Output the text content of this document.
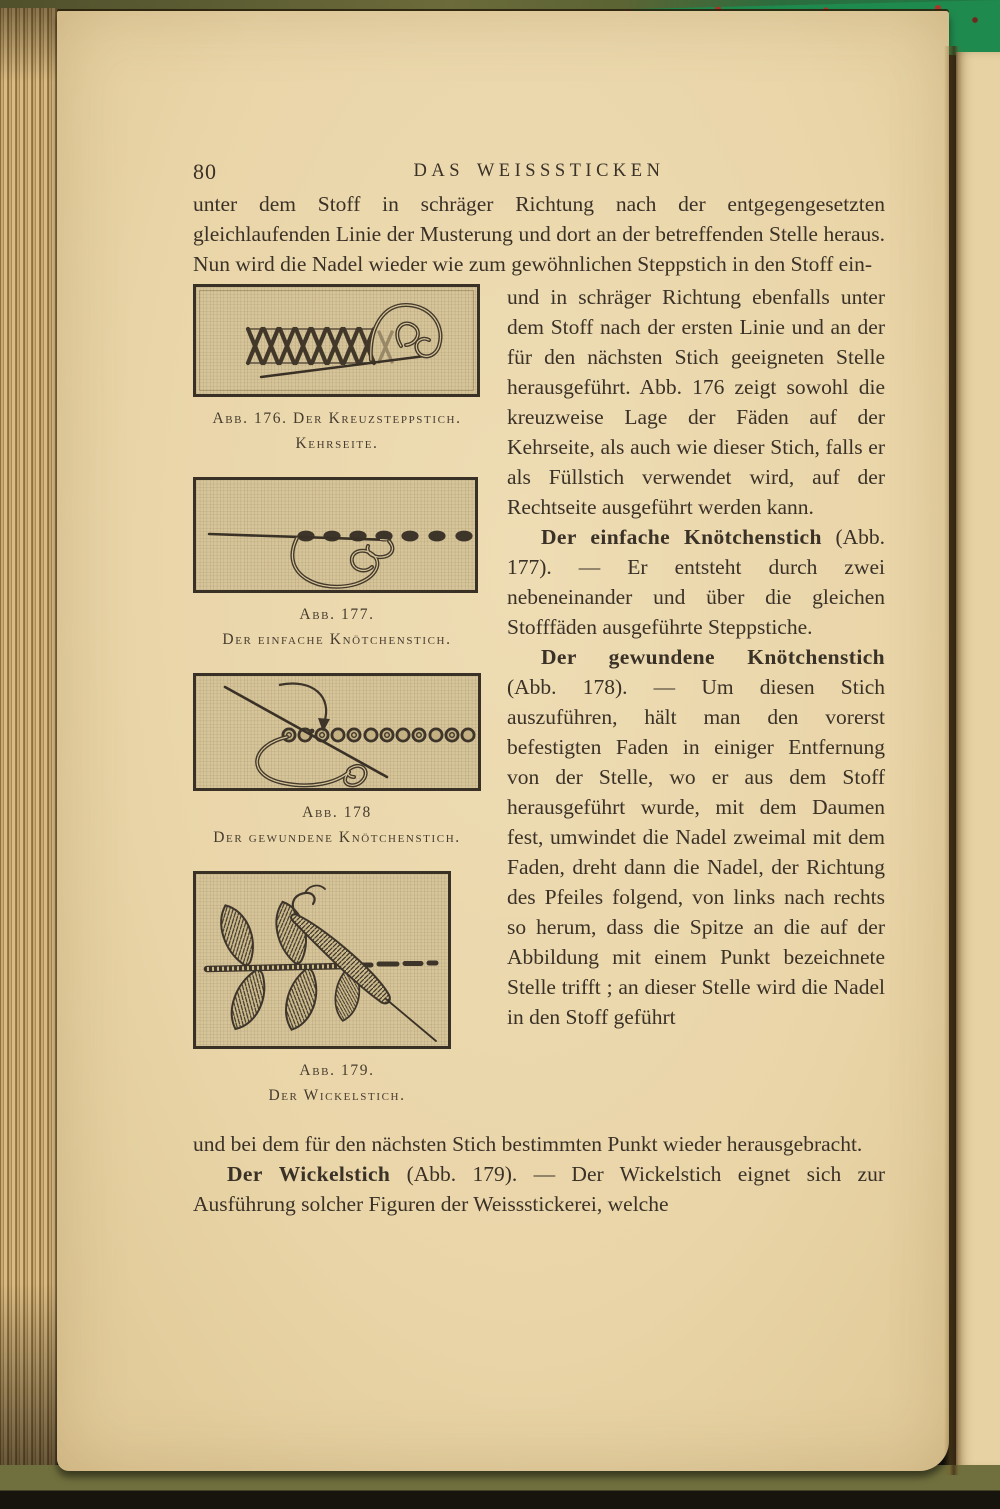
80	DAS WEISSSTICKEN

unter dem Stoff in schräger Richtung nach der entgegengesetzten gleichlaufenden Linie der Musterung und dort an der betreffenden Stelle heraus. Nun wird die Nadel wieder wie zum gewöhnlichen Steppstich in den Stoff ein-

Abb. 176. Der Kreuzsteppstich.
Kehrseite.
Abb. 177.
Der einfache Knötchenstich.
Abb. 178
Der gewundene Knötchenstich.
Abb. 179.
Der Wickelstich.

und in schräger Richtung ebenfalls unter dem Stoff nach der ersten Linie und an der für den nächsten Stich geeigneten Stelle herausgeführt. Abb. 176 zeigt sowohl die kreuzweise Lage der Fäden auf der Kehrseite, als auch wie dieser Stich, falls er als Füllstich verwendet wird, auf der Rechtseite ausgeführt werden kann.

Der einfache Knötchenstich (Abb. 177). — Er entsteht durch zwei nebeneinander und über die gleichen Stofffäden ausgeführte Steppstiche.

Der gewundene Knötchenstich (Abb. 178). — Um diesen Stich auszuführen, hält man den vorerst befestigten Faden in einiger Entfernung von der Stelle, wo er aus dem Stoff herausgeführt wurde, mit dem Daumen fest, umwindet die Nadel zweimal mit dem Faden, dreht dann die Nadel, der Richtung des Pfeiles folgend, von links nach rechts so herum, dass die Spitze an die auf der Abbildung mit einem Punkt bezeichnete Stelle trifft ; an dieser Stelle wird die Nadel in den Stoff geführt

und bei dem für den nächsten Stich bestimmten Punkt wieder herausgebracht.

Der Wickelstich (Abb. 179). — Der Wickelstich eignet sich zur Ausführung solcher Figuren der Weissstickerei, welche
